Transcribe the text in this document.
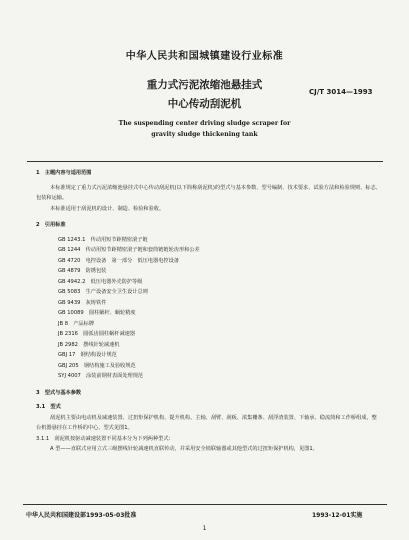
中华人民共和国城镇建设行业标准
重力式污泥浓缩池悬挂式
中心传动刮泥机
CJ/T 3014—1993
The suspending center driving sludge scraper for
gravity sludge thickening tank
1　主题内容与适用范围
本标准规定了重力式污泥浓缩池悬挂式中心传动刮泥机(以下简称刮泥机)的型式与基本参数、型号编制、技术要求、试验方法和检验规则、标志、包装和运输。
本标准适用于刮泥机的设计、制造、检验和验收。
2　引用标准
GB 1243.1　传动用短节距精密滚子链
GB 1244　传动用短节距精密滚子链和套筒链链轮齿形和公差
GB 4720　电控设备　第一部分　低压电器电控设备
GB 4879　防锈包装
GB 4942.2　低压电器外壳防护等级
GB 5083　生产设备安全卫生设计总则
GB 9439　灰铸铁件
GB 10089　圆柱蜗杆、蜗轮精度
JB 8　产品标牌
JB 2316　圆弧齿圆柱蜗杆减速器
JB 2982　摆线针轮减速机
GBJ 17　钢结构设计规范
GBJ 205　钢结构施工及验收规范
SYJ 4007　涂装前钢材表面处理规范
3　型式与基本参数
3.1　型式
刮泥机主要由电动机及减速装置、过扭矩保护机构、提升机构、主轴、刮臂、刮板、浓集栅条、刮浮渣装置、下轴承、稳流筒和工作桥组成，整台机器悬挂在工作桥的中心，型式见图1。
3.1.1　刮泥机按驱动减速装置不同基本分为下列两种型式：
A 型——直联式应用立式三级摆线针轮减速机直联传动，并采用安全销联轴器或其他型式的过扭矩保护机构，见图1。
中华人民共和国建设部1993-05-03批准	1993-12-01实施
1
